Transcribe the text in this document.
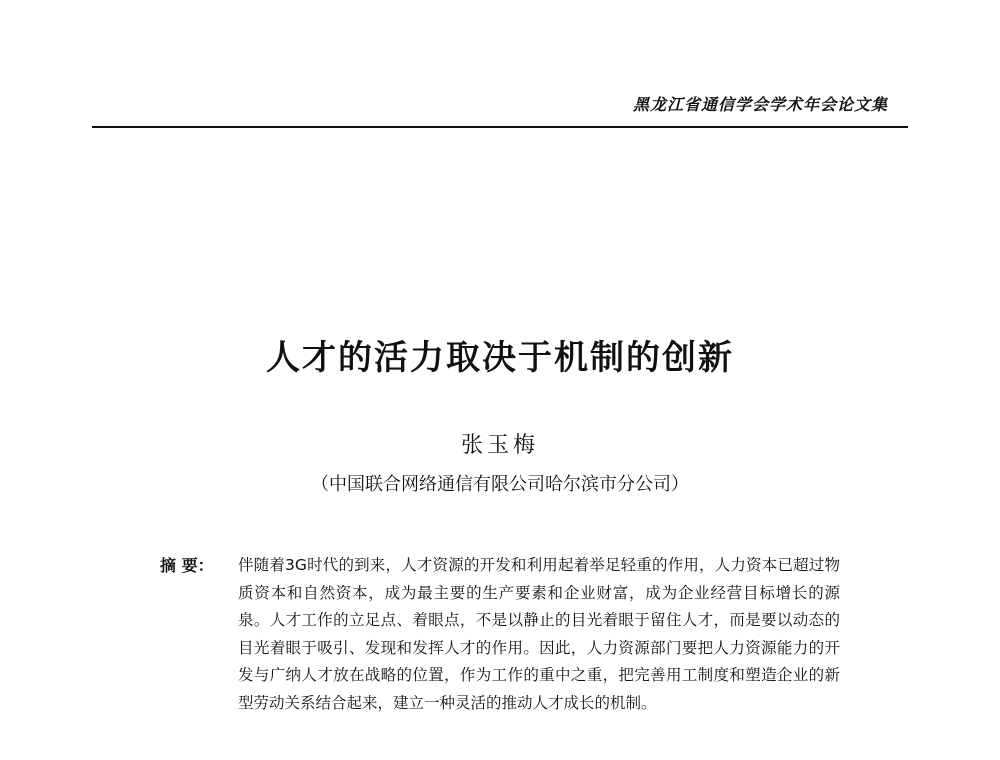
黑龙江省通信学会学术年会论文集
人才的活力取决于机制的创新
张玉梅
（中国联合网络通信有限公司哈尔滨市分公司）
摘 要：	伴随着3G时代的到来，人才资源的开发和利用起着举足轻重的作用，人力资本已超过物质资本和自然资本，成为最主要的生产要素和企业财富，成为企业经营目标增长的源泉。人才工作的立足点、着眼点，不是以静止的目光着眼于留住人才，而是要以动态的目光着眼于吸引、发现和发挥人才的作用。因此，人力资源部门要把人力资源能力的开发与广纳人才放在战略的位置，作为工作的重中之重，把完善用工制度和塑造企业的新型劳动关系结合起来，建立一种灵活的推动人才成长的机制。
